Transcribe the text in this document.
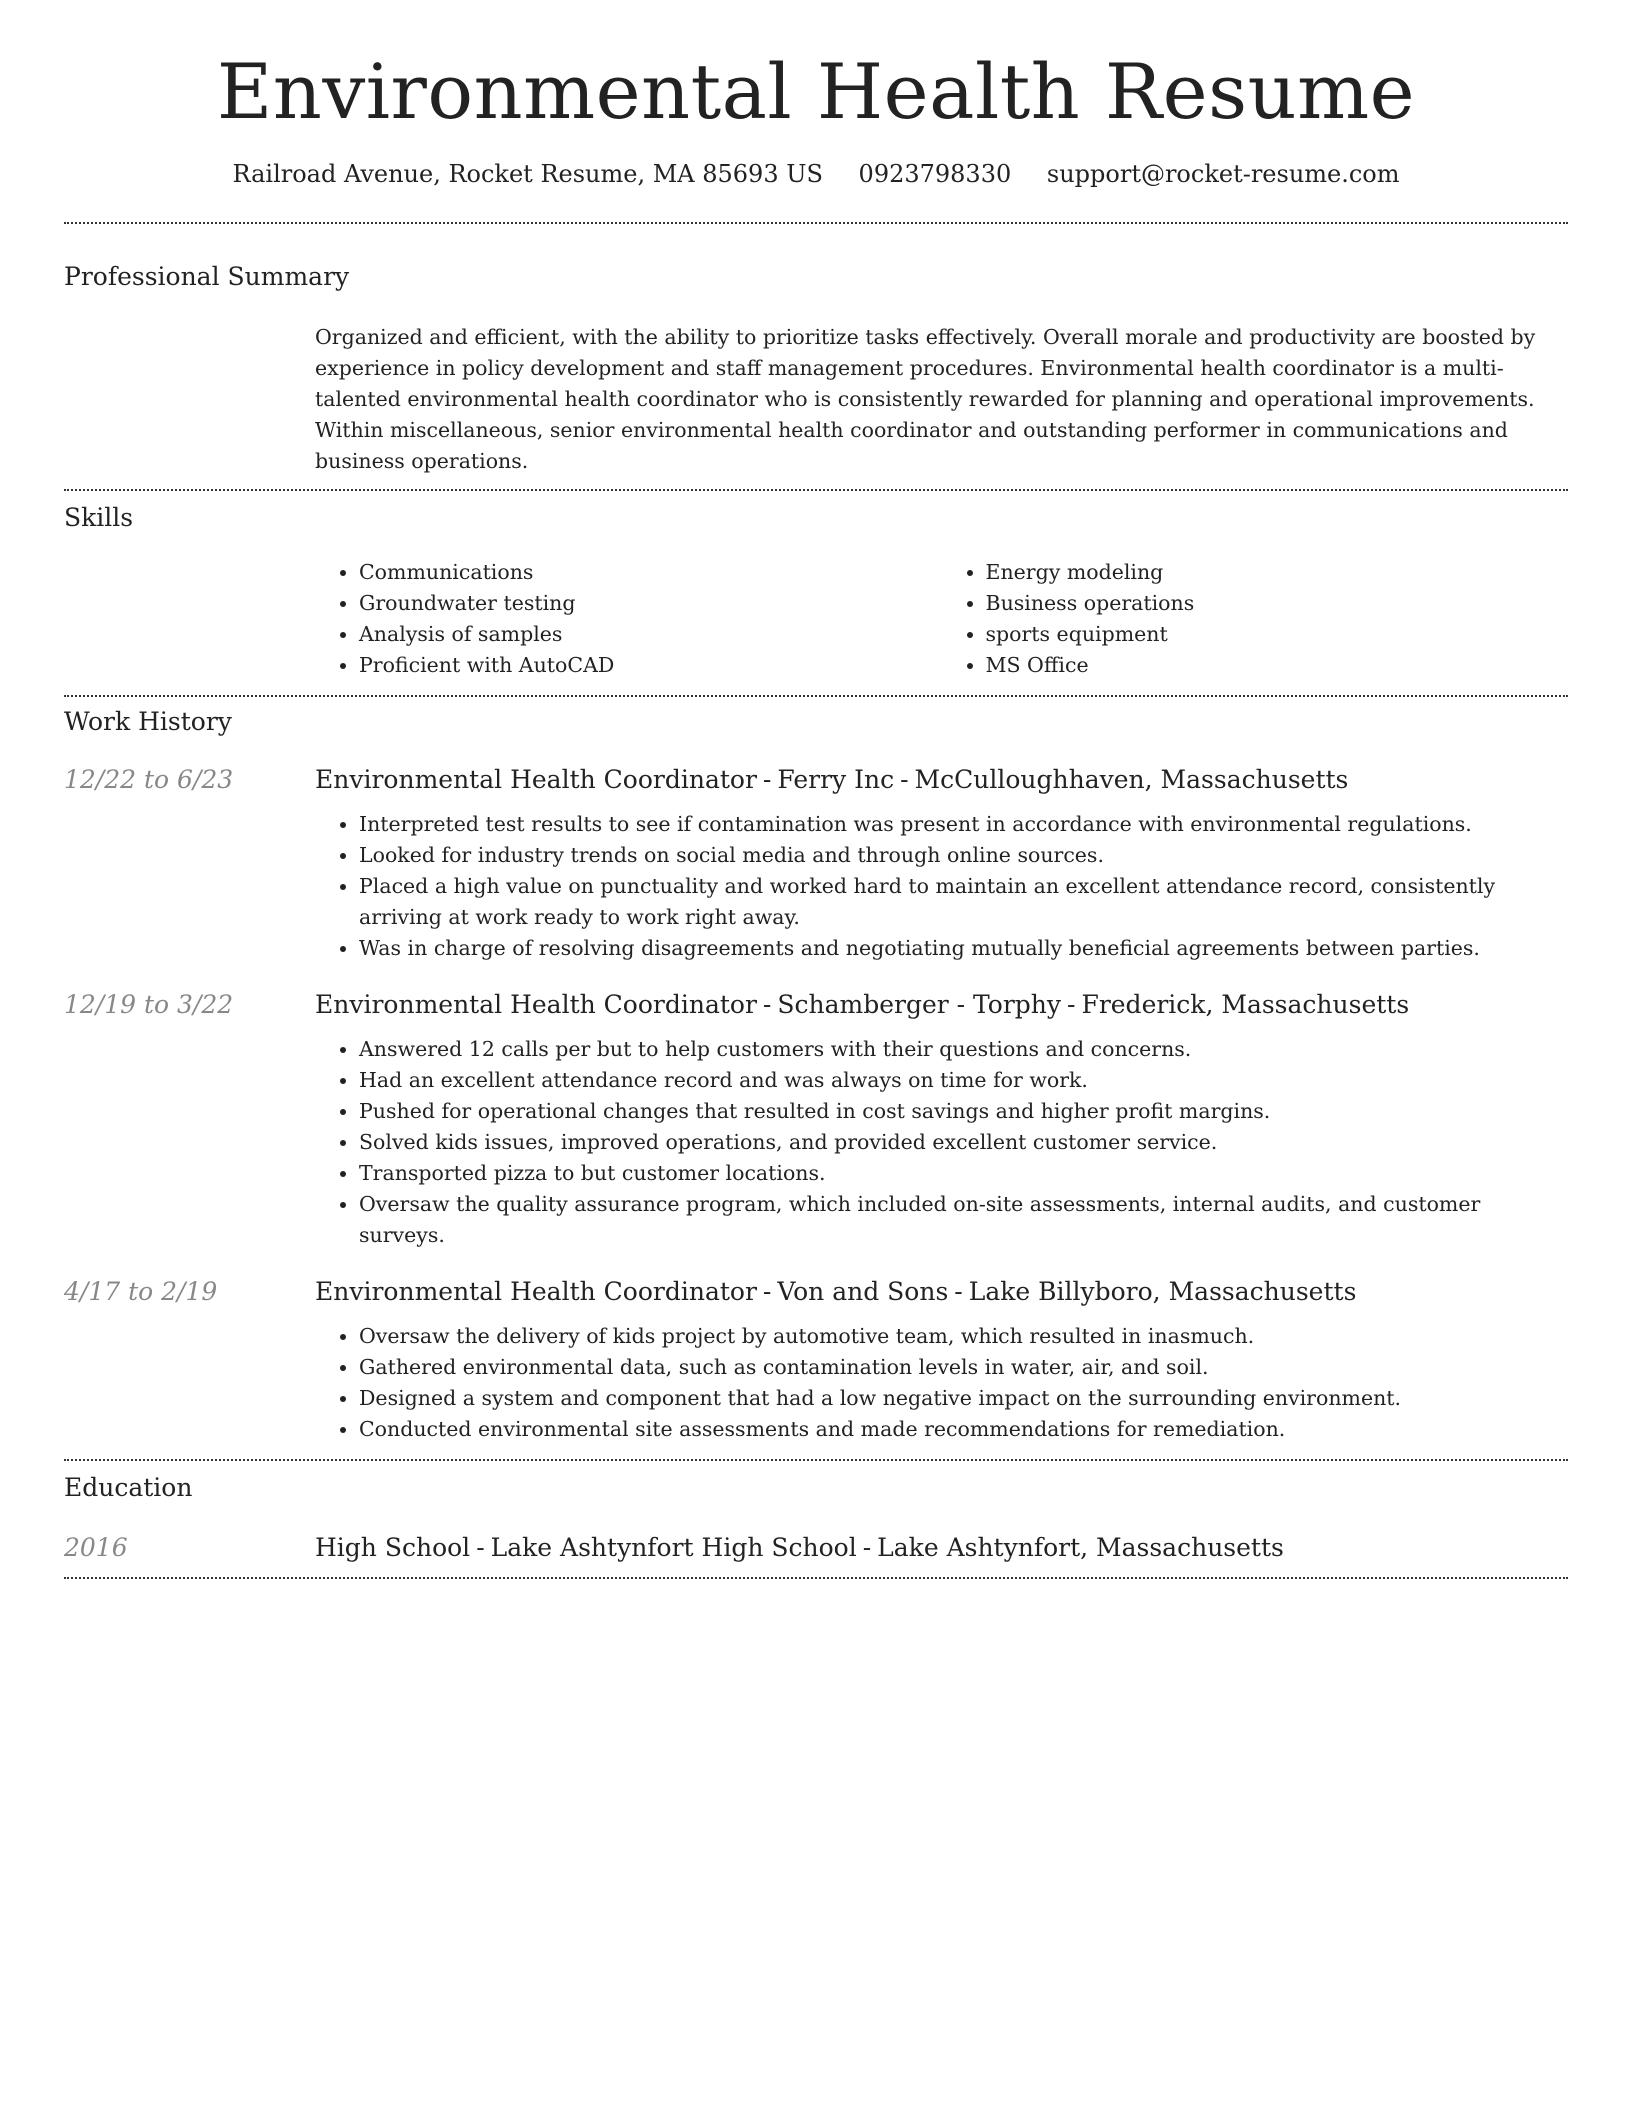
Environmental Health Resume
Railroad Avenue, Rocket Resume, MA 85693 US 0923798330 support@rocket-resume.com
Professional Summary

Organized and efficient, with the ability to prioritize tasks effectively. Overall morale and productivity are boosted by experience in policy development and staff management procedures. Environmental health coordinator is a multi-talented environmental health coordinator who is consistently rewarded for planning and operational improvements. Within miscellaneous, senior environmental health coordinator and outstanding performer in communications and business operations.

Skills
• Communications
• Groundwater testing
• Analysis of samples
• Proficient with AutoCAD
• Energy modeling
• Business operations
• sports equipment
• MS Office
Work History
12/22 to 6/23	Environmental Health Coordinator - Ferry Inc - McCulloughhaven, Massachusetts
• Interpreted test results to see if contamination was present in accordance with environmental regulations.
• Looked for industry trends on social media and through online sources.
• Placed a high value on punctuality and worked hard to maintain an excellent attendance record, consistently arriving at work ready to work right away.
• Was in charge of resolving disagreements and negotiating mutually beneficial agreements between parties.
12/19 to 3/22	Environmental Health Coordinator - Schamberger - Torphy - Frederick, Massachusetts
• Answered 12 calls per but to help customers with their questions and concerns.
• Had an excellent attendance record and was always on time for work.
• Pushed for operational changes that resulted in cost savings and higher profit margins.
• Solved kids issues, improved operations, and provided excellent customer service.
• Transported pizza to but customer locations.
• Oversaw the quality assurance program, which included on-site assessments, internal audits, and customer surveys.
4/17 to 2/19	Environmental Health Coordinator - Von and Sons - Lake Billyboro, Massachusetts
• Oversaw the delivery of kids project by automotive team, which resulted in inasmuch.
• Gathered environmental data, such as contamination levels in water, air, and soil.
• Designed a system and component that had a low negative impact on the surrounding environment.
• Conducted environmental site assessments and made recommendations for remediation.
Education
2016	High School - Lake Ashtynfort High School - Lake Ashtynfort, Massachusetts
